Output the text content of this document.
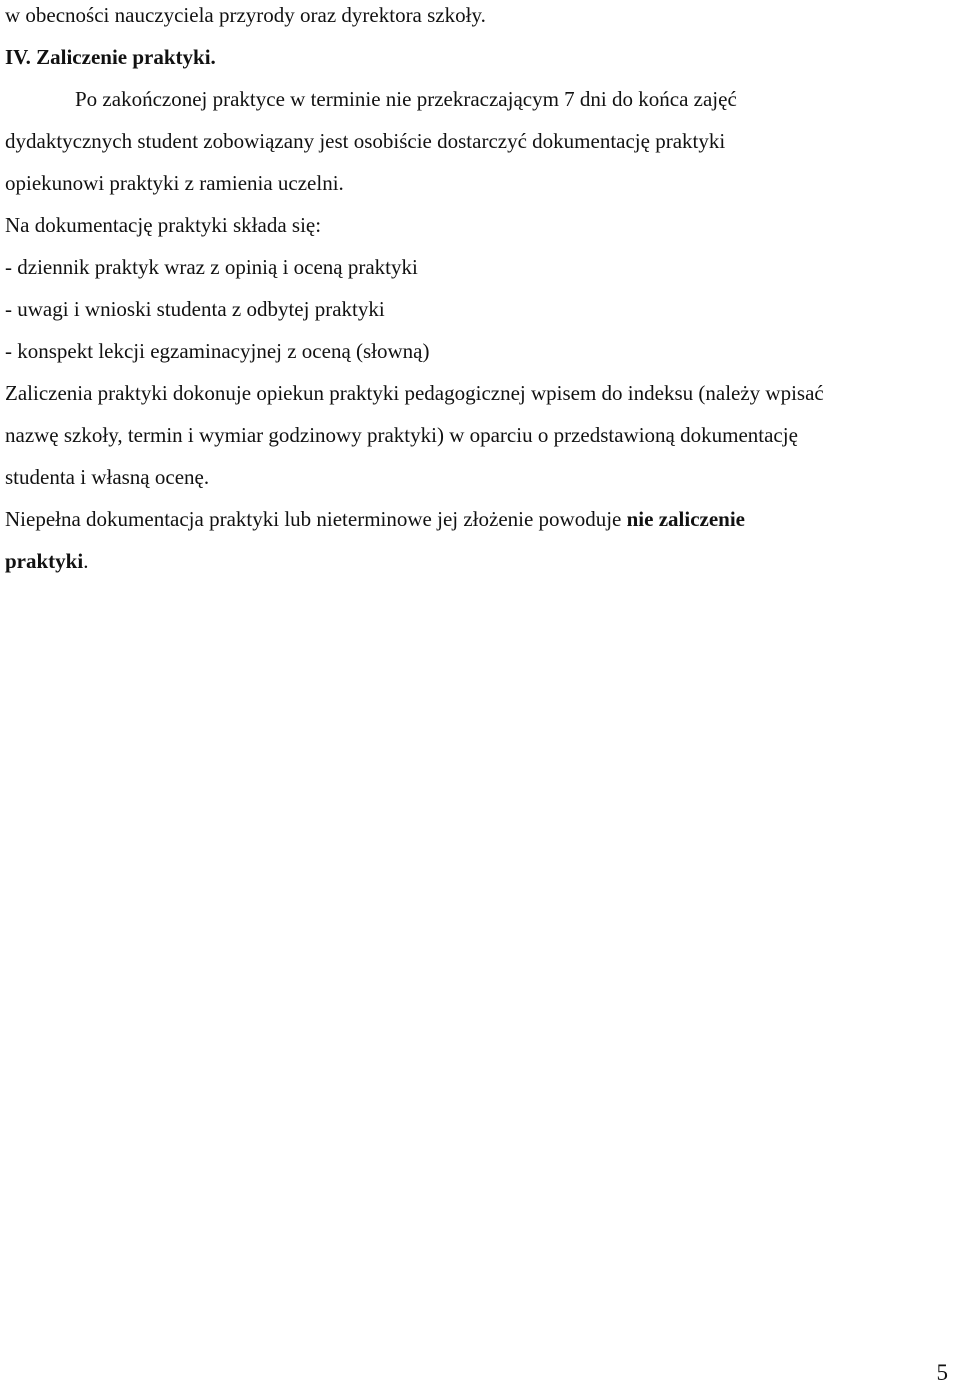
w obecności nauczyciela przyrody oraz dyrektora szkoły.
IV. Zaliczenie praktyki.
Po zakończonej praktyce w terminie nie przekraczającym 7 dni do końca zajęć
dydaktycznych student zobowiązany jest osobiście dostarczyć dokumentację praktyki
opiekunowi praktyki z ramienia uczelni.
Na dokumentację praktyki składa się:
- dziennik praktyk wraz z opinią i oceną praktyki
- uwagi i wnioski studenta z odbytej praktyki
- konspekt lekcji egzaminacyjnej z oceną (słowną)
Zaliczenia praktyki dokonuje opiekun praktyki pedagogicznej wpisem do indeksu (należy wpisać
nazwę szkoły, termin i wymiar godzinowy praktyki) w oparciu o przedstawioną dokumentację
studenta i własną ocenę.
Niepełna dokumentacja praktyki lub nieterminowe jej złożenie powoduje nie zaliczenie
praktyki.
5
